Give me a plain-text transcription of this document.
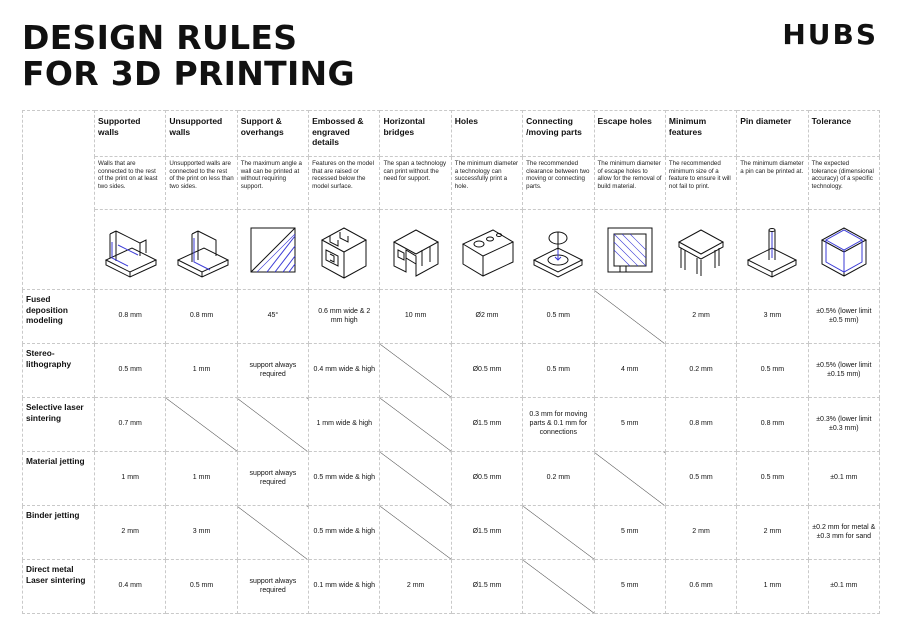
DESIGN RULES
FOR 3D PRINTING
HUBS
	Supported walls	Unsupported walls	Support & overhangs	Embossed & engraved details	Horizontal bridges	Holes	Connecting /moving parts	Escape holes	Minimum features	Pin diameter	Tolerance
	Walls that are connected to the rest of the print on at least two sides.	Unsupported walls are connected to the rest of the print on less than two sides.	The maximum angle a wall can be printed at without requiring support.	Features on the model that are raised or recessed below the model surface.	The span a technology can print without the need for support.	The minimum diameter a technology can successfully print a hole.	The recommended clearance between two moving or connecting parts.	The minimum diameter of escape holes to allow for the removal of build material.	The recommended minimum size of a feature to ensure it will not fail to print.	The minimum diameter a pin can be printed at.	The expected tolerance (dimensional accuracy) of a specific technology.

Fused deposition modeling	0.8 mm	0.8 mm	45°	0.6 mm wide & 2 mm high	10 mm	Ø2 mm	0.5 mm		2 mm	3 mm	±0.5% (lower limit ±0.5 mm)
Stereo- lithography	0.5 mm	1 mm	support always required	0.4 mm wide & high		Ø0.5 mm	0.5 mm	4 mm	0.2 mm	0.5 mm	±0.5% (lower limit ±0.15 mm)
Selective laser sintering	0.7 mm			1 mm wide & high		Ø1.5 mm	0.3 mm for moving parts & 0.1 mm for connections	5 mm	0.8 mm	0.8 mm	±0.3% (lower limit ±0.3 mm)
Material jetting	1 mm	1 mm	support always required	0.5 mm wide & high		Ø0.5 mm	0.2 mm		0.5 mm	0.5 mm	±0.1 mm
Binder jetting	2 mm	3 mm		0.5 mm wide & high		Ø1.5 mm		5 mm	2 mm	2 mm	±0.2 mm for metal & ±0.3 mm for sand
Direct metal Laser sintering	0.4 mm	0.5 mm	support always required	0.1 mm wide & high	2 mm	Ø1.5 mm		5 mm	0.6 mm	1 mm	±0.1 mm
